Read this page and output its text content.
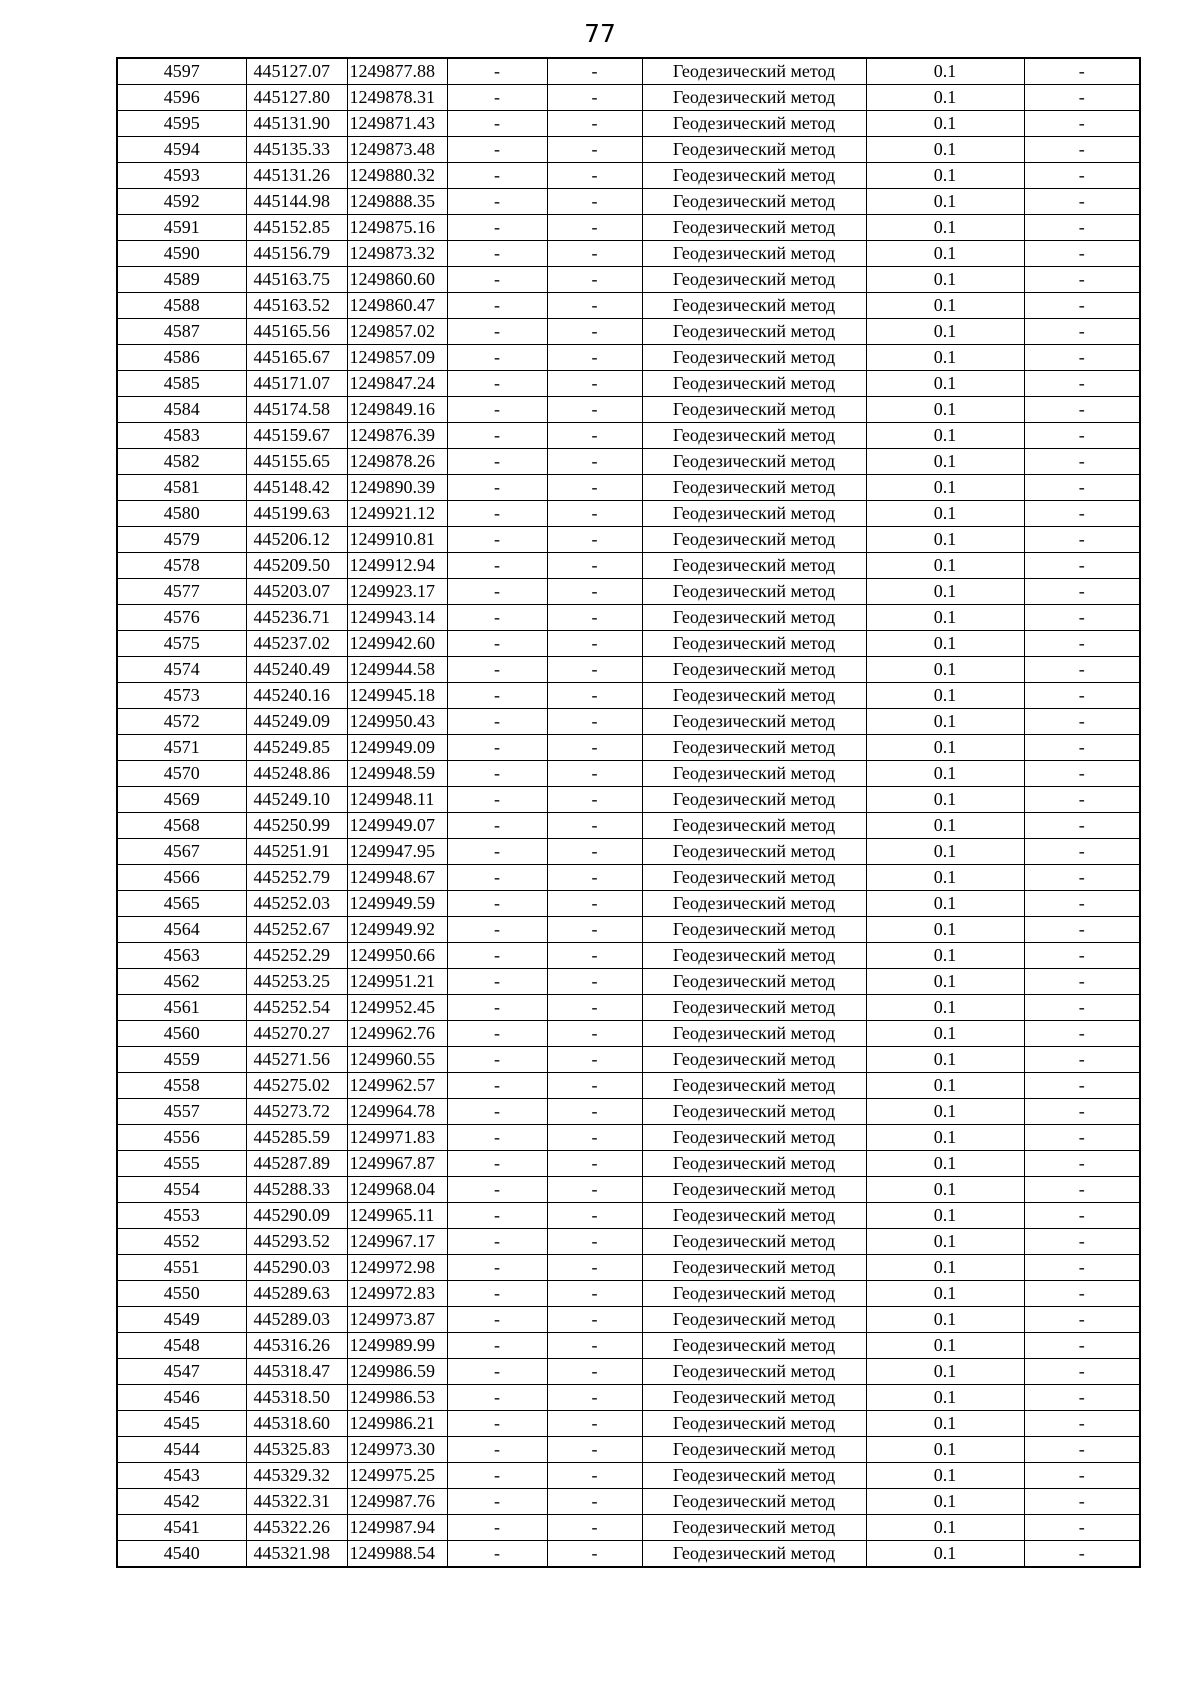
77
4597	445127.07	1249877.88	-	-	Геодезический метод	0.1	-
4596	445127.80	1249878.31	-	-	Геодезический метод	0.1	-
4595	445131.90	1249871.43	-	-	Геодезический метод	0.1	-
4594	445135.33	1249873.48	-	-	Геодезический метод	0.1	-
4593	445131.26	1249880.32	-	-	Геодезический метод	0.1	-
4592	445144.98	1249888.35	-	-	Геодезический метод	0.1	-
4591	445152.85	1249875.16	-	-	Геодезический метод	0.1	-
4590	445156.79	1249873.32	-	-	Геодезический метод	0.1	-
4589	445163.75	1249860.60	-	-	Геодезический метод	0.1	-
4588	445163.52	1249860.47	-	-	Геодезический метод	0.1	-
4587	445165.56	1249857.02	-	-	Геодезический метод	0.1	-
4586	445165.67	1249857.09	-	-	Геодезический метод	0.1	-
4585	445171.07	1249847.24	-	-	Геодезический метод	0.1	-
4584	445174.58	1249849.16	-	-	Геодезический метод	0.1	-
4583	445159.67	1249876.39	-	-	Геодезический метод	0.1	-
4582	445155.65	1249878.26	-	-	Геодезический метод	0.1	-
4581	445148.42	1249890.39	-	-	Геодезический метод	0.1	-
4580	445199.63	1249921.12	-	-	Геодезический метод	0.1	-
4579	445206.12	1249910.81	-	-	Геодезический метод	0.1	-
4578	445209.50	1249912.94	-	-	Геодезический метод	0.1	-
4577	445203.07	1249923.17	-	-	Геодезический метод	0.1	-
4576	445236.71	1249943.14	-	-	Геодезический метод	0.1	-
4575	445237.02	1249942.60	-	-	Геодезический метод	0.1	-
4574	445240.49	1249944.58	-	-	Геодезический метод	0.1	-
4573	445240.16	1249945.18	-	-	Геодезический метод	0.1	-
4572	445249.09	1249950.43	-	-	Геодезический метод	0.1	-
4571	445249.85	1249949.09	-	-	Геодезический метод	0.1	-
4570	445248.86	1249948.59	-	-	Геодезический метод	0.1	-
4569	445249.10	1249948.11	-	-	Геодезический метод	0.1	-
4568	445250.99	1249949.07	-	-	Геодезический метод	0.1	-
4567	445251.91	1249947.95	-	-	Геодезический метод	0.1	-
4566	445252.79	1249948.67	-	-	Геодезический метод	0.1	-
4565	445252.03	1249949.59	-	-	Геодезический метод	0.1	-
4564	445252.67	1249949.92	-	-	Геодезический метод	0.1	-
4563	445252.29	1249950.66	-	-	Геодезический метод	0.1	-
4562	445253.25	1249951.21	-	-	Геодезический метод	0.1	-
4561	445252.54	1249952.45	-	-	Геодезический метод	0.1	-
4560	445270.27	1249962.76	-	-	Геодезический метод	0.1	-
4559	445271.56	1249960.55	-	-	Геодезический метод	0.1	-
4558	445275.02	1249962.57	-	-	Геодезический метод	0.1	-
4557	445273.72	1249964.78	-	-	Геодезический метод	0.1	-
4556	445285.59	1249971.83	-	-	Геодезический метод	0.1	-
4555	445287.89	1249967.87	-	-	Геодезический метод	0.1	-
4554	445288.33	1249968.04	-	-	Геодезический метод	0.1	-
4553	445290.09	1249965.11	-	-	Геодезический метод	0.1	-
4552	445293.52	1249967.17	-	-	Геодезический метод	0.1	-
4551	445290.03	1249972.98	-	-	Геодезический метод	0.1	-
4550	445289.63	1249972.83	-	-	Геодезический метод	0.1	-
4549	445289.03	1249973.87	-	-	Геодезический метод	0.1	-
4548	445316.26	1249989.99	-	-	Геодезический метод	0.1	-
4547	445318.47	1249986.59	-	-	Геодезический метод	0.1	-
4546	445318.50	1249986.53	-	-	Геодезический метод	0.1	-
4545	445318.60	1249986.21	-	-	Геодезический метод	0.1	-
4544	445325.83	1249973.30	-	-	Геодезический метод	0.1	-
4543	445329.32	1249975.25	-	-	Геодезический метод	0.1	-
4542	445322.31	1249987.76	-	-	Геодезический метод	0.1	-
4541	445322.26	1249987.94	-	-	Геодезический метод	0.1	-
4540	445321.98	1249988.54	-	-	Геодезический метод	0.1	-
